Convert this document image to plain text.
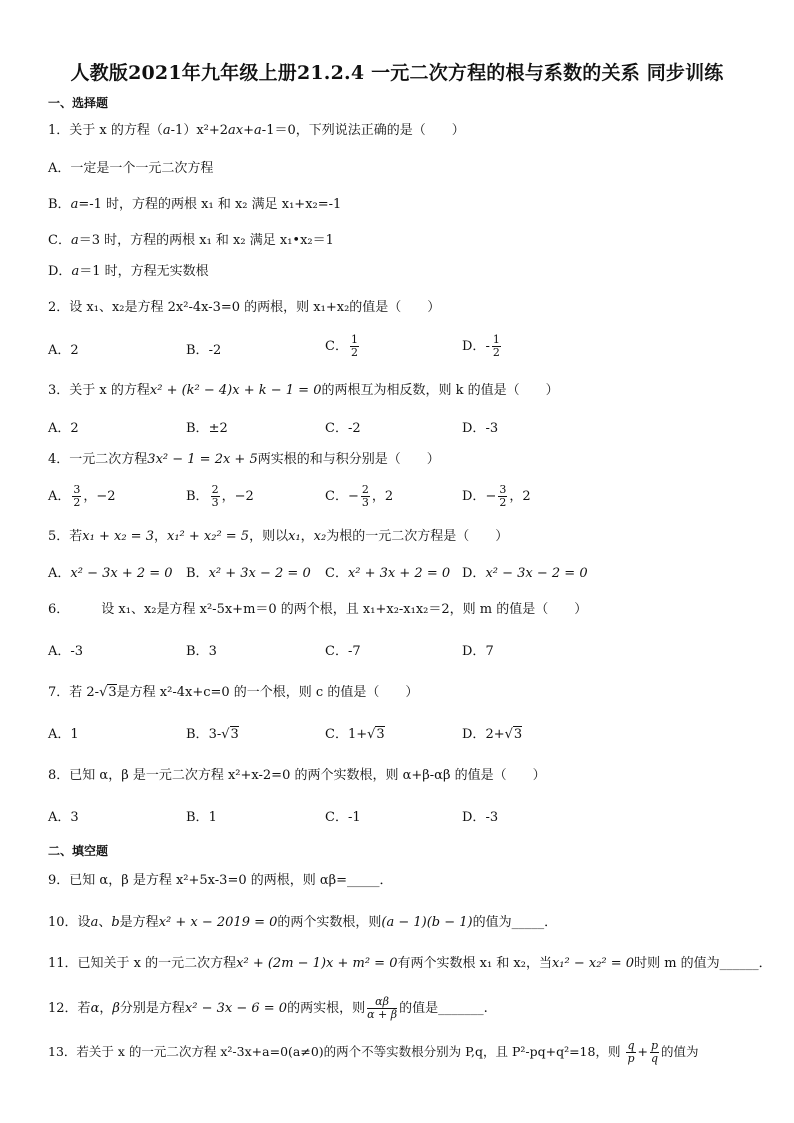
人教版2021年九年级上册21.2.4 一元二次方程的根与系数的关系 同步训练
一、选择题
1．关于 x 的方程（a-1）x²+2ax+a-1＝0，下列说法正确的是（　　）
A．一定是一个一元二次方程
B．a=-1 时，方程的两根 x₁ 和 x₂ 满足 x₁+x₂=-1
C．a＝3 时，方程的两根 x₁ 和 x₂ 满足 x₁•x₂＝1
D．a＝1 时，方程无实数根
2．设 x₁、x₂是方程 2x²-4x-3=0 的两根，则 x₁+x₂的值是（　　）
A．2	B．-2	C． $\frac{1}{2}$	D．- $\frac{1}{2}$
3．关于 x 的方程x² + (k² − 4)x + k − 1 = 0的两根互为相反数，则 k 的值是（　　）
A．2	B．±2	C．-2	D．-3
4．一元二次方程3x² − 1 = 2x + 5两实根的和与积分别是（　　）
A． $\frac{3}{2}$ ，−2	B． $\frac{2}{3}$ ，−2	C．− $\frac{2}{3}$ ，2	D．− $\frac{3}{2}$ ，2
5．若x₁ + x₂ = 3，x₁² + x₂² = 5，则以x₁，x₂为根的一元二次方程是（　　）
A．x² − 3x + 2 = 0 B．x² + 3x − 2 = 0 C．x² + 3x + 2 = 0 D．x² − 3x − 2 = 0
6． 设 x₁、x₂是方程 x²-5x+m＝0 的两个根，且 x₁+x₂-x₁x₂＝2，则 m 的值是（　　）
A．-3	B．3	C．-7	D．7
7．若 2-√3是方程 x²-4x+c=0 的一个根，则 c 的值是（　　）
A．1	B．3-√3	C．1+√3	D．2+√3
8．已知 α，β 是一元二次方程 x²+x-2=0 的两个实数根，则 α+β-αβ 的值是（　　）
A．3	B．1	C．-1	D．-3
二、填空题
9．已知 α，β 是方程 x²+5x-3=0 的两根，则 αβ=_____．
10．设a、b是方程x² + x − 2019 = 0的两个实数根，则(a − 1)(b − 1)的值为_____．
11．已知关于 x 的一元二次方程x² + (2m − 1)x + m² = 0有两个实数根 x₁ 和 x₂，当x₁² − x₂² = 0时则 m 的值为______．
12．若α，β分别是方程x² − 3x − 6 = 0的两实根，则 $\frac{\alpha\beta}{\alpha + \beta}$ 的值是_______.
13．若关于 x 的一元二次方程 x²-3x+a=0(a≠0)的两个不等实数根分别为 P,q，且 P²-pq+q²=18，则 $\frac{q}{p} + \frac{p}{q}$ 的值为
